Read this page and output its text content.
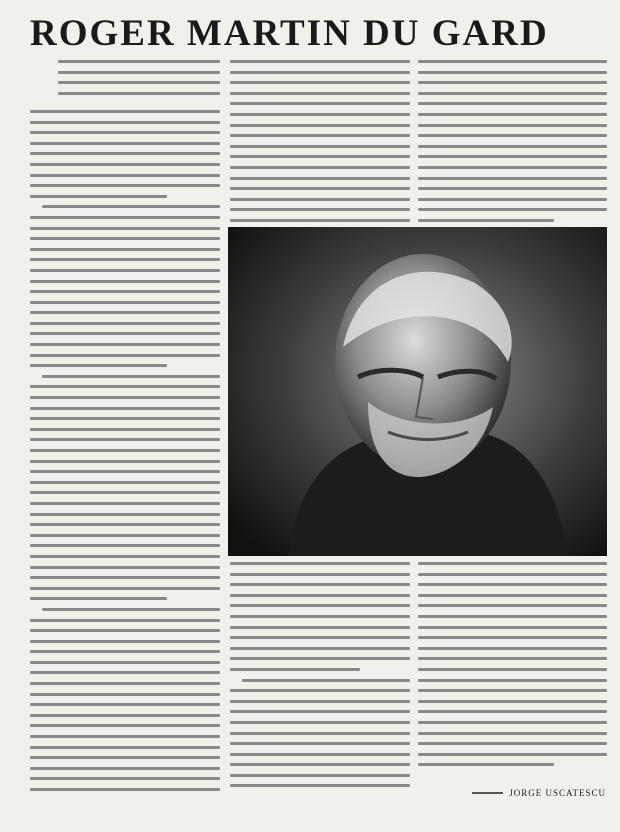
ROGER MARTIN DU GARD
JORGE USCATESCU
